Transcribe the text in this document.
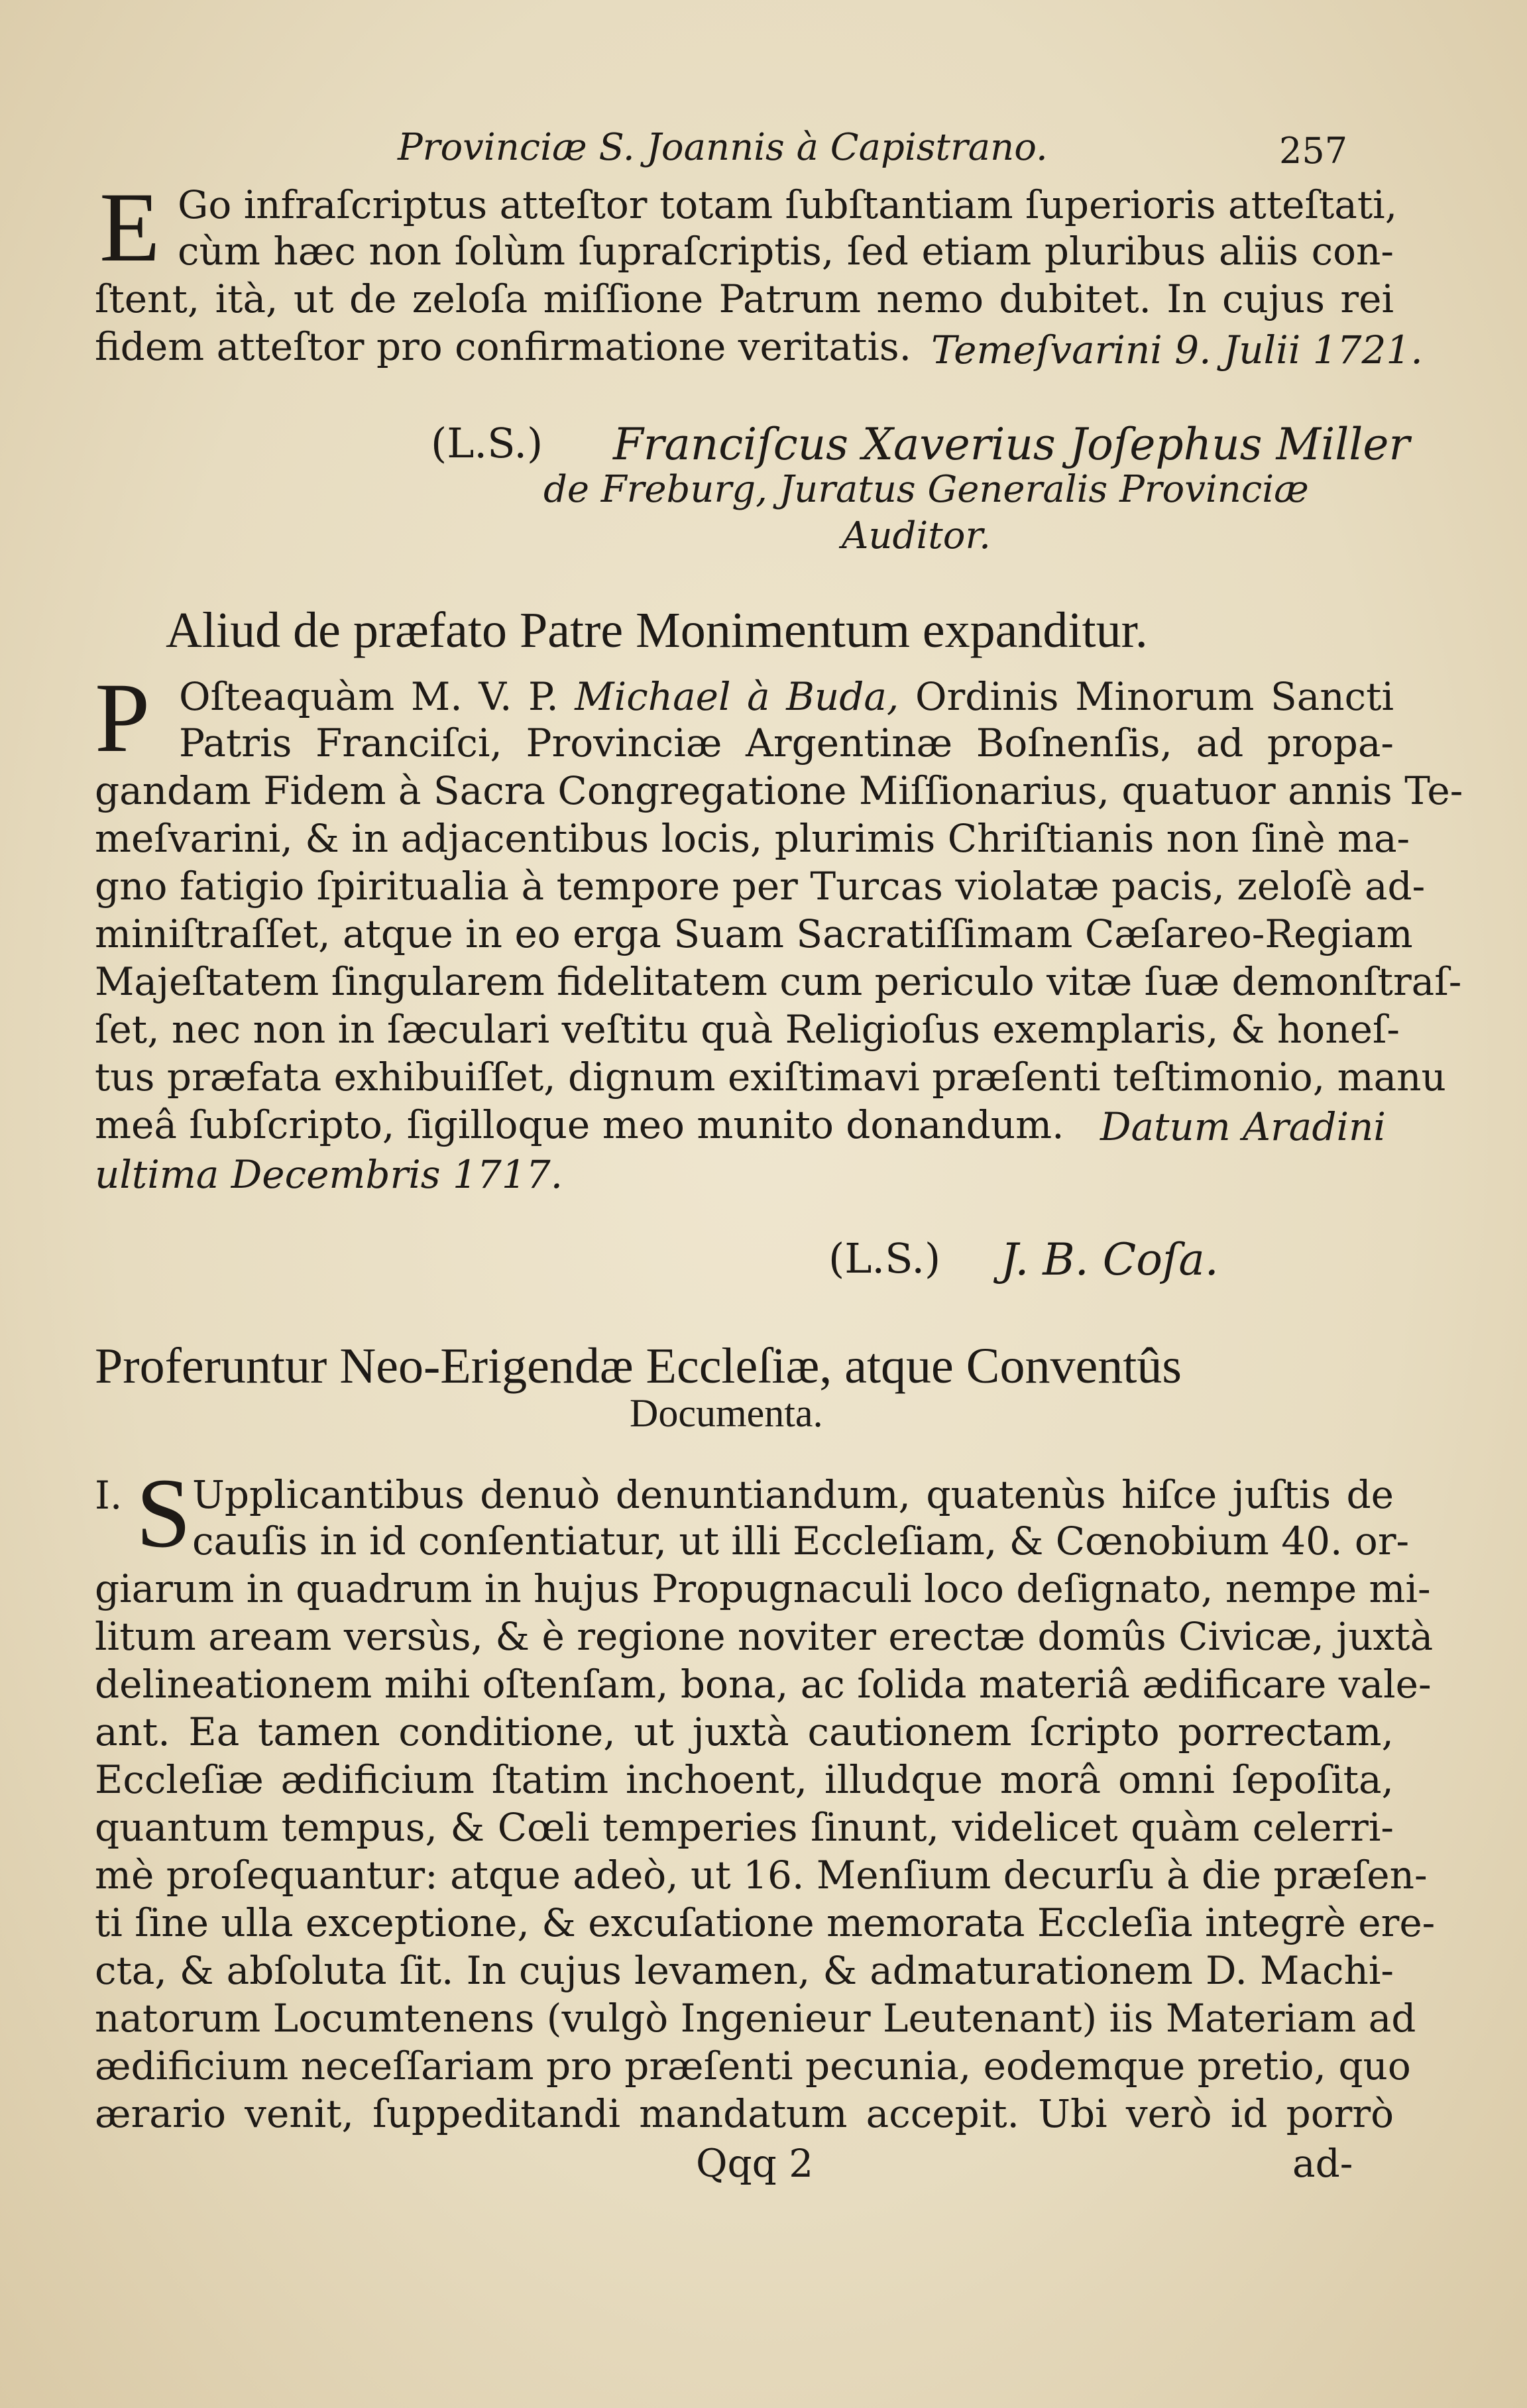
Provinciæ S. Joannis à Capistrano.	257
E Go infraſcriptus atteſtor totam ſubſtantiam ſuperioris atteſtati,
cùm hæc non ſolùm ſupraſcriptis, ſed etiam pluribus aliis con-
ſtent, ità, ut de zeloſa miſſione Patrum nemo dubitet. In cujus rei
fidem atteſtor pro confirmatione veritatis. Temeſvarini 9. Julii 1721.
(L.S.) Franciſcus Xaverius Joſephus Miller
de Freburg, Juratus Generalis Provinciæ
Auditor.
Aliud de præfato Patre Monimentum expanditur.
P Oſteaquàm M. V. P. Michael à Buda, Ordinis Minorum Sancti
Patris Franciſci, Provinciæ Argentinæ Boſnenſis, ad propa-
gandam Fidem à Sacra Congregatione Miſſionarius, quatuor annis Te-
meſvarini, & in adjacentibus locis, plurimis Chriſtianis non ſinè ma-
gno fatigio ſpiritualia à tempore per Turcas violatæ pacis, zeloſè ad-
miniſtraſſet, atque in eo erga Suam Sacratiſſimam Cæſareo-Regiam
Majeſtatem ſingularem fidelitatem cum periculo vitæ ſuæ demonſtraſ-
ſet, nec non in ſæculari veſtitu quà Religioſus exemplaris, & honeſ-
tus præfata exhibuiſſet, dignum exiſtimavi præſenti teſtimonio, manu
meâ ſubſcripto, ſigilloque meo munito donandum. Datum Aradini
ultima Decembris 1717.
(L.S.) J. B. Coſa.
Proferuntur Neo-Erigendæ Eccleſiæ, atque Conventûs
Documenta.
I. S Upplicantibus denuò denuntiandum, quatenùs hiſce juſtis de
cauſis in id conſentiatur, ut illi Eccleſiam, & Cœnobium 40. or-
giarum in quadrum in hujus Propugnaculi loco deſignato, nempe mi-
litum aream versùs, & è regione noviter erectæ domûs Civicæ, juxtà
delineationem mihi oſtenſam, bona, ac ſolida materiâ ædificare vale-
ant. Ea tamen conditione, ut juxtà cautionem ſcripto porrectam,
Eccleſiæ ædificium ſtatim inchoent, illudque morâ omni ſepoſita,
quantum tempus, & Cœli temperies ſinunt, videlicet quàm celerri-
mè proſequantur: atque adeò, ut 16. Menſium decurſu à die præſen-
ti ſine ulla exceptione, & excuſatione memorata Eccleſia integrè ere-
cta, & abſoluta ſit. In cujus levamen, & admaturationem D. Machi-
natorum Locumtenens (vulgò Ingenieur Leutenant) iis Materiam ad
ædificium neceſſariam pro præſenti pecunia, eodemque pretio, quo
ærario venit, ſuppeditandi mandatum accepit. Ubi verò id porrò
Qqq 2	ad-
